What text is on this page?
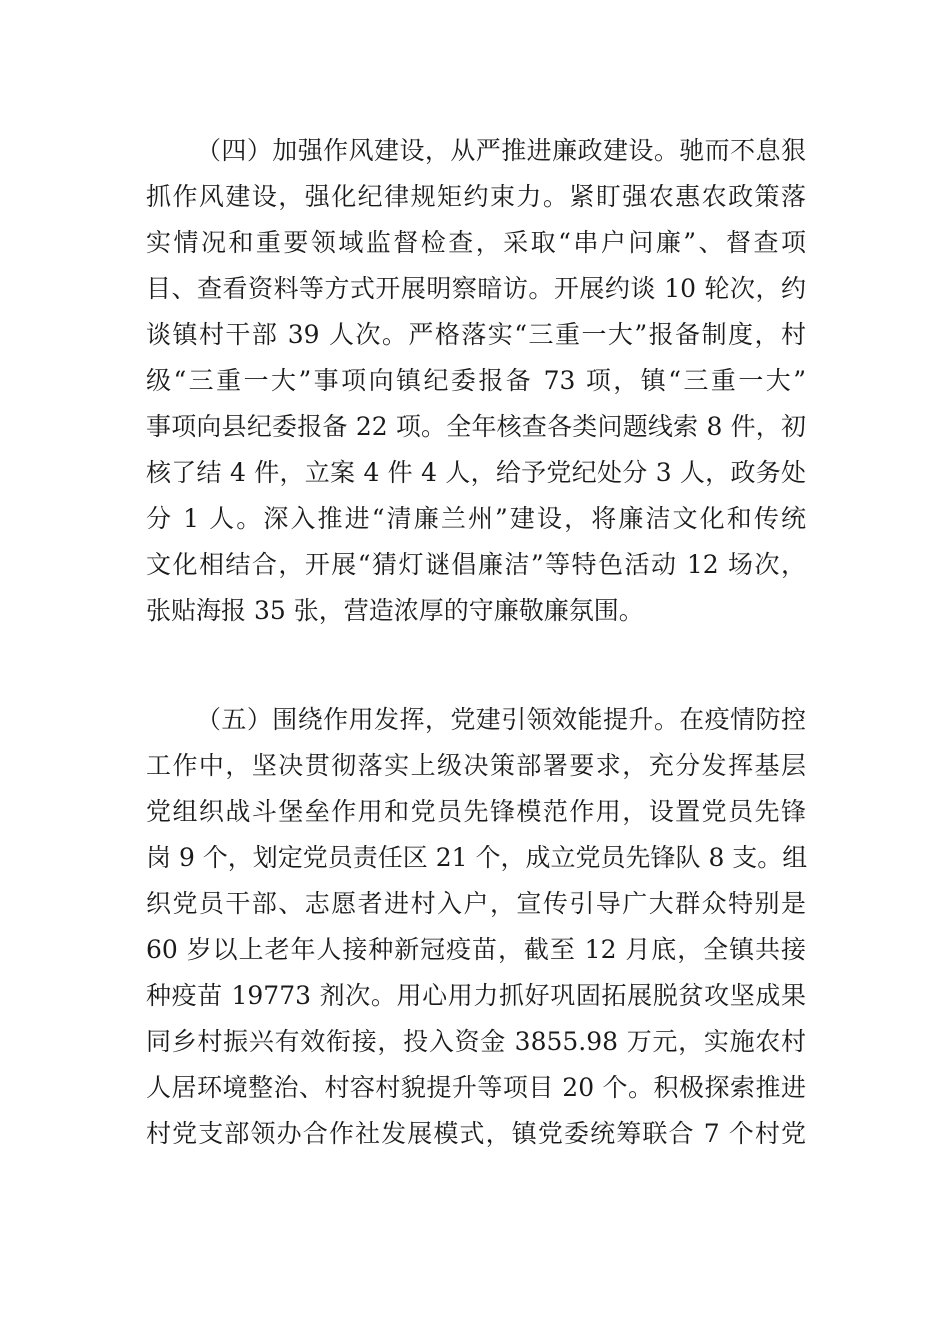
（四）加强作风建设，从严推进廉政建设。驰而不息狠
抓作风建设，强化纪律规矩约束力。紧盯强农惠农政策落
实情况和重要领域监督检查，采取“串户问廉”、督查项
目、查看资料等方式开展明察暗访。开展约谈 10 轮次，约
谈镇村干部 39 人次。严格落实“三重一大”报备制度，村
级“三重一大”事项向镇纪委报备 73 项，镇“三重一大”
事项向县纪委报备 22 项。全年核查各类问题线索 8 件，初
核了结 4 件，立案 4 件 4 人，给予党纪处分 3 人，政务处
分 1 人。深入推进“清廉兰州”建设，将廉洁文化和传统
文化相结合，开展“猜灯谜倡廉洁”等特色活动 12 场次，
张贴海报 35 张，营造浓厚的守廉敬廉氛围。
（五）围绕作用发挥，党建引领效能提升。在疫情防控
工作中，坚决贯彻落实上级决策部署要求，充分发挥基层
党组织战斗堡垒作用和党员先锋模范作用，设置党员先锋
岗 9 个，划定党员责任区 21 个，成立党员先锋队 8 支。组
织党员干部、志愿者进村入户，宣传引导广大群众特别是
60 岁以上老年人接种新冠疫苗，截至 12 月底，全镇共接
种疫苗 19773 剂次。用心用力抓好巩固拓展脱贫攻坚成果
同乡村振兴有效衔接，投入资金 3855.98 万元，实施农村
人居环境整治、村容村貌提升等项目 20 个。积极探索推进
村党支部领办合作社发展模式，镇党委统筹联合 7 个村党
